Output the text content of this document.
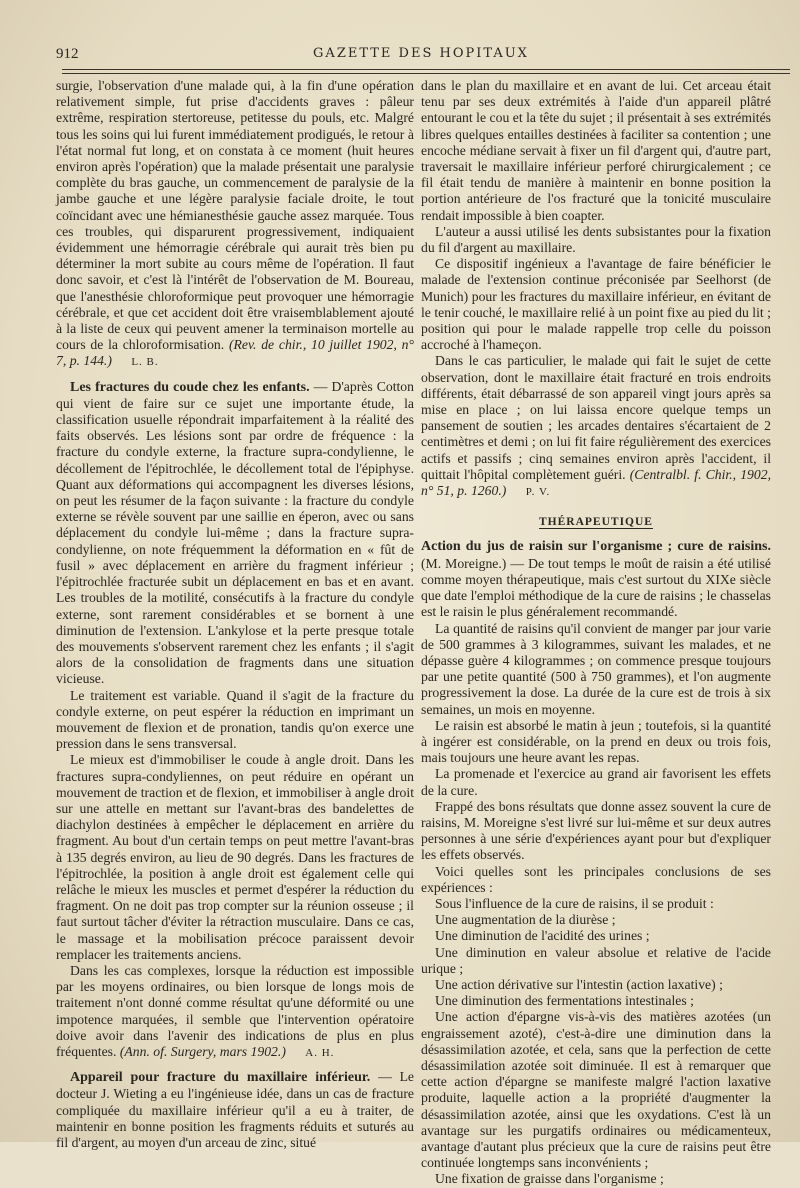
912	GAZETTE DES HOPITAUX

surgie, l'observation d'une malade qui, à la fin d'une opération relativement simple, fut prise d'accidents graves : pâleur extrême, respiration stertoreuse, petitesse du pouls, etc. Malgré tous les soins qui lui furent immédiatement prodigués, le retour à l'état normal fut long, et on constata à ce moment (huit heures environ après l'opération) que la malade présentait une paralysie complète du bras gauche, un commencement de paralysie de la jambe gauche et une légère paralysie faciale droite, le tout coïncidant avec une hémianesthésie gauche assez marquée. Tous ces troubles, qui disparurent progressivement, indiquaient évidemment une hémorragie cérébrale qui aurait très bien pu déterminer la mort subite au cours même de l'opération. Il faut donc savoir, et c'est là l'intérêt de l'observation de M. Boureau, que l'anesthésie chloroformique peut provoquer une hémorragie cérébrale, et que cet accident doit être vraisemblablement ajouté à la liste de ceux qui peuvent amener la terminaison mortelle au cours de la chloroformisation. (Rev. de chir., 10 juillet 1902, n° 7, p. 144.) L. B.

Les fractures du coude chez les enfants. — D'après Cotton qui vient de faire sur ce sujet une importante étude, la classification usuelle répondrait imparfaitement à la réalité des faits observés. Les lésions sont par ordre de fréquence : la fracture du condyle externe, la fracture supra-condylienne, le décollement de l'épitrochlée, le décollement total de l'épiphyse. Quant aux déformations qui accompagnent les diverses lésions, on peut les résumer de la façon suivante : la fracture du condyle externe se révèle souvent par une saillie en éperon, avec ou sans déplacement du condyle lui-même ; dans la fracture supra-condylienne, on note fréquemment la déformation en « fût de fusil » avec déplacement en arrière du fragment inférieur ; l'épitrochlée fracturée subit un déplacement en bas et en avant. Les troubles de la motilité, consécutifs à la fracture du condyle externe, sont rarement considérables et se bornent à une diminution de l'extension. L'ankylose et la perte presque totale des mouvements s'observent rarement chez les enfants ; il s'agit alors de la consolidation de fragments dans une situation vicieuse.

Le traitement est variable. Quand il s'agit de la fracture du condyle externe, on peut espérer la réduction en imprimant un mouvement de flexion et de pronation, tandis qu'on exerce une pression dans le sens transversal.

Le mieux est d'immobiliser le coude à angle droit. Dans les fractures supra-condyliennes, on peut réduire en opérant un mouvement de traction et de flexion, et immobiliser à angle droit sur une attelle en mettant sur l'avant-bras des bandelettes de diachylon destinées à empêcher le déplacement en arrière du fragment. Au bout d'un certain temps on peut mettre l'avant-bras à 135 degrés environ, au lieu de 90 degrés. Dans les fractures de l'épitrochlée, la position à angle droit est également celle qui relâche le mieux les muscles et permet d'espérer la réduction du fragment. On ne doit pas trop compter sur la réunion osseuse ; il faut surtout tâcher d'éviter la rétraction musculaire. Dans ce cas, le massage et la mobilisation précoce paraissent devoir remplacer les traitements anciens.

Dans les cas complexes, lorsque la réduction est impossible par les moyens ordinaires, ou bien lorsque de longs mois de traitement n'ont donné comme résultat qu'une déformité ou une impotence marquées, il semble que l'intervention opératoire doive avoir dans l'avenir des indications de plus en plus fréquentes. (Ann. of. Surgery, mars 1902.) A. H.

Appareil pour fracture du maxillaire inférieur. — Le docteur J. Wieting a eu l'ingénieuse idée, dans un cas de fracture compliquée du maxillaire inférieur qu'il a eu à traiter, de maintenir en bonne position les fragments réduits et suturés au fil d'argent, au moyen d'un arceau de zinc, situé

dans le plan du maxillaire et en avant de lui. Cet arceau était tenu par ses deux extrémités à l'aide d'un appareil plâtré entourant le cou et la tête du sujet ; il présentait à ses extrémités libres quelques entailles destinées à faciliter sa contention ; une encoche médiane servait à fixer un fil d'argent qui, d'autre part, traversait le maxillaire inférieur perforé chirurgicalement ; ce fil était tendu de manière à maintenir en bonne position la portion antérieure de l'os fracturé que la tonicité musculaire rendait impossible à bien coapter.

L'auteur a aussi utilisé les dents subsistantes pour la fixation du fil d'argent au maxillaire.

Ce dispositif ingénieux a l'avantage de faire bénéficier le malade de l'extension continue préconisée par Seelhorst (de Munich) pour les fractures du maxillaire inférieur, en évitant de le tenir couché, le maxillaire relié à un point fixe au pied du lit ; position qui pour le malade rappelle trop celle du poisson accroché à l'hameçon.

Dans le cas particulier, le malade qui fait le sujet de cette observation, dont le maxillaire était fracturé en trois endroits différents, était débarrassé de son appareil vingt jours après sa mise en place ; on lui laissa encore quelque temps un pansement de soutien ; les arcades dentaires s'écartaient de 2 centimètres et demi ; on lui fit faire régulièrement des exercices actifs et passifs ; cinq semaines environ après l'accident, il quittait l'hôpital complètement guéri. (Centralbl. f. Chir., 1902, n° 51, p. 1260.) P. V.

THÉRAPEUTIQUE

Action du jus de raisin sur l'organisme ; cure de raisins. (M. Moreigne.) — De tout temps le moût de raisin a été utilisé comme moyen thérapeutique, mais c'est surtout du XIXe siècle que date l'emploi méthodique de la cure de raisins ; le chasselas est le raisin le plus généralement recommandé.

La quantité de raisins qu'il convient de manger par jour varie de 500 grammes à 3 kilogrammes, suivant les malades, et ne dépasse guère 4 kilogrammes ; on commence presque toujours par une petite quantité (500 à 750 grammes), et l'on augmente progressivement la dose. La durée de la cure est de trois à six semaines, un mois en moyenne.

Le raisin est absorbé le matin à jeun ; toutefois, si la quantité à ingérer est considérable, on la prend en deux ou trois fois, mais toujours une heure avant les repas.

La promenade et l'exercice au grand air favorisent les effets de la cure.

Frappé des bons résultats que donne assez souvent la cure de raisins, M. Moreigne s'est livré sur lui-même et sur deux autres personnes à une série d'expériences ayant pour but d'expliquer les effets observés.

Voici quelles sont les principales conclusions de ses expériences :

Sous l'influence de la cure de raisins, il se produit :

Une augmentation de la diurèse ;

Une diminution de l'acidité des urines ;

Une diminution en valeur absolue et relative de l'acide urique ;

Une action dérivative sur l'intestin (action laxative) ;

Une diminution des fermentations intestinales ;

Une action d'épargne vis-à-vis des matières azotées (un engraissement azoté), c'est-à-dire une diminution dans la désassimilation azotée, et cela, sans que la perfection de cette désassimilation azotée soit diminuée. Il est à remarquer que cette action d'épargne se manifeste malgré l'action laxative produite, laquelle action a la propriété d'augmenter la désassimilation azotée, ainsi que les oxydations. C'est là un avantage sur les purgatifs ordinaires ou médicamenteux, avantage d'autant plus précieux que la cure de raisins peut être continuée longtemps sans inconvénients ;

Une fixation de graisse dans l'organisme ;
